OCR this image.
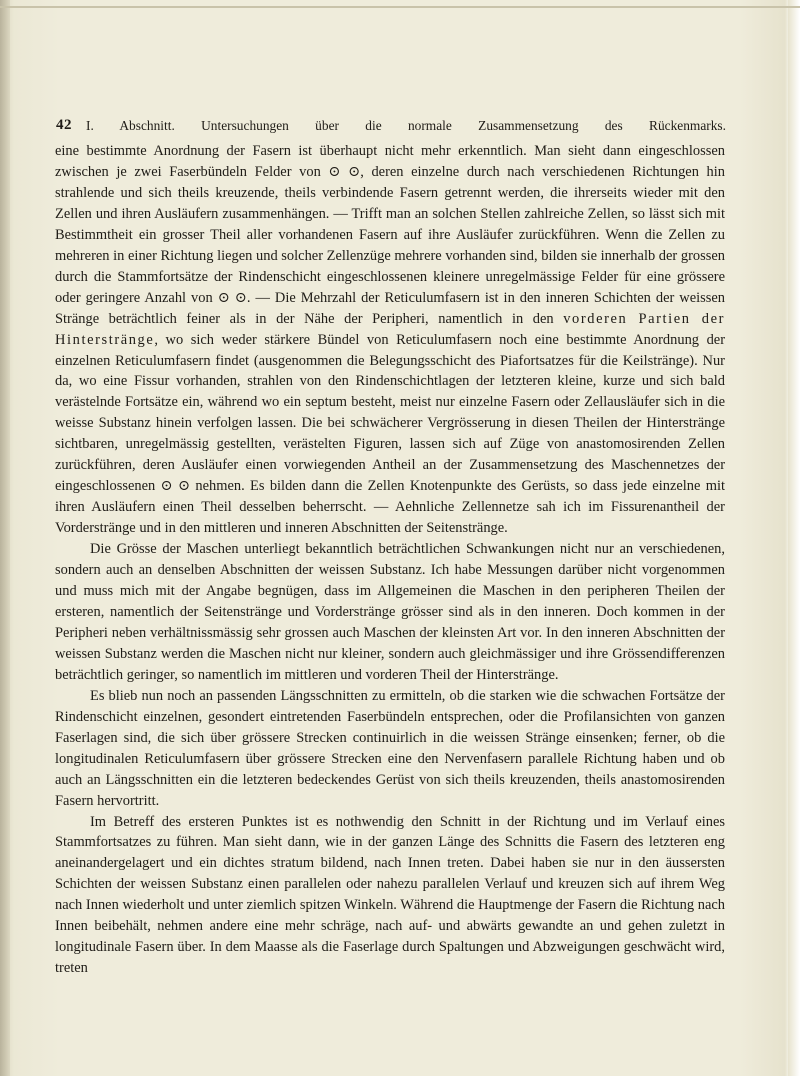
42 I. Abschnitt. Untersuchungen über die normale Zusammensetzung des Rückenmarks.

eine bestimmte Anordnung der Fasern ist überhaupt nicht mehr erkenntlich. Man sieht dann eingeschlossen zwischen je zwei Faserbündeln Felder von ⊙ ⊙, deren einzelne durch nach verschiedenen Richtungen hin strahlende und sich theils kreuzende, theils verbindende Fasern getrennt werden, die ihrerseits wieder mit den Zellen und ihren Ausläufern zusammenhängen. — Trifft man an solchen Stellen zahlreiche Zellen, so lässt sich mit Bestimmtheit ein grosser Theil aller vorhandenen Fasern auf ihre Ausläufer zurückführen. Wenn die Zellen zu mehreren in einer Richtung liegen und solcher Zellenzüge mehrere vorhanden sind, bilden sie innerhalb der grossen durch die Stammfortsätze der Rindenschicht eingeschlossenen kleinere unregelmässige Felder für eine grössere oder geringere Anzahl von ⊙ ⊙. — Die Mehrzahl der Reticulumfasern ist in den inneren Schichten der weissen Stränge beträchtlich feiner als in der Nähe der Peripheri, namentlich in den vorderen Partien der Hinterstränge, wo sich weder stärkere Bündel von Reticulumfasern noch eine bestimmte Anordnung der einzelnen Reticulumfasern findet (ausgenommen die Belegungsschicht des Piafortsatzes für die Keilstränge). Nur da, wo eine Fissur vorhanden, strahlen von den Rindenschichtlagen der letzteren kleine, kurze und sich bald verästelnde Fortsätze ein, während wo ein septum besteht, meist nur einzelne Fasern oder Zellausläufer sich in die weisse Substanz hinein verfolgen lassen. Die bei schwächerer Vergrösserung in diesen Theilen der Hinterstränge sichtbaren, unregelmässig gestellten, verästelten Figuren, lassen sich auf Züge von anastomosirenden Zellen zurückführen, deren Ausläufer einen vorwiegenden Antheil an der Zusammensetzung des Maschennetzes der eingeschlossenen ⊙ ⊙ nehmen. Es bilden dann die Zellen Knotenpunkte des Gerüsts, so dass jede einzelne mit ihren Ausläufern einen Theil desselben beherrscht. — Aehnliche Zellennetze sah ich im Fissurenantheil der Vorderstränge und in den mittleren und inneren Abschnitten der Seitenstränge.

Die Grösse der Maschen unterliegt bekanntlich beträchtlichen Schwankungen nicht nur an verschiedenen, sondern auch an denselben Abschnitten der weissen Substanz. Ich habe Messungen darüber nicht vorgenommen und muss mich mit der Angabe begnügen, dass im Allgemeinen die Maschen in den peripheren Theilen der ersteren, namentlich der Seitenstränge und Vorderstränge grösser sind als in den inneren. Doch kommen in der Peripheri neben verhältnissmässig sehr grossen auch Maschen der kleinsten Art vor. In den inneren Abschnitten der weissen Substanz werden die Maschen nicht nur kleiner, sondern auch gleichmässiger und ihre Grössendifferenzen beträchtlich geringer, so namentlich im mittleren und vorderen Theil der Hinterstränge.

Es blieb nun noch an passenden Längsschnitten zu ermitteln, ob die starken wie die schwachen Fortsätze der Rindenschicht einzelnen, gesondert eintretenden Faserbündeln entsprechen, oder die Profilansichten von ganzen Faserlagen sind, die sich über grössere Strecken continuirlich in die weissen Stränge einsenken; ferner, ob die longitudinalen Reticulumfasern über grössere Strecken eine den Nervenfasern parallele Richtung haben und ob auch an Längsschnitten ein die letzteren bedeckendes Gerüst von sich theils kreuzenden, theils anastomosirenden Fasern hervortritt.

Im Betreff des ersteren Punktes ist es nothwendig den Schnitt in der Richtung und im Verlauf eines Stammfortsatzes zu führen. Man sieht dann, wie in der ganzen Länge des Schnitts die Fasern des letzteren eng aneinandergelagert und ein dichtes stratum bildend, nach Innen treten. Dabei haben sie nur in den äussersten Schichten der weissen Substanz einen parallelen oder nahezu parallelen Verlauf und kreuzen sich auf ihrem Weg nach Innen wiederholt und unter ziemlich spitzen Winkeln. Während die Hauptmenge der Fasern die Richtung nach Innen beibehält, nehmen andere eine mehr schräge, nach auf- und abwärts gewandte an und gehen zuletzt in longitudinale Fasern über. In dem Maasse als die Faserlage durch Spaltungen und Abzweigungen geschwächt wird, treten
